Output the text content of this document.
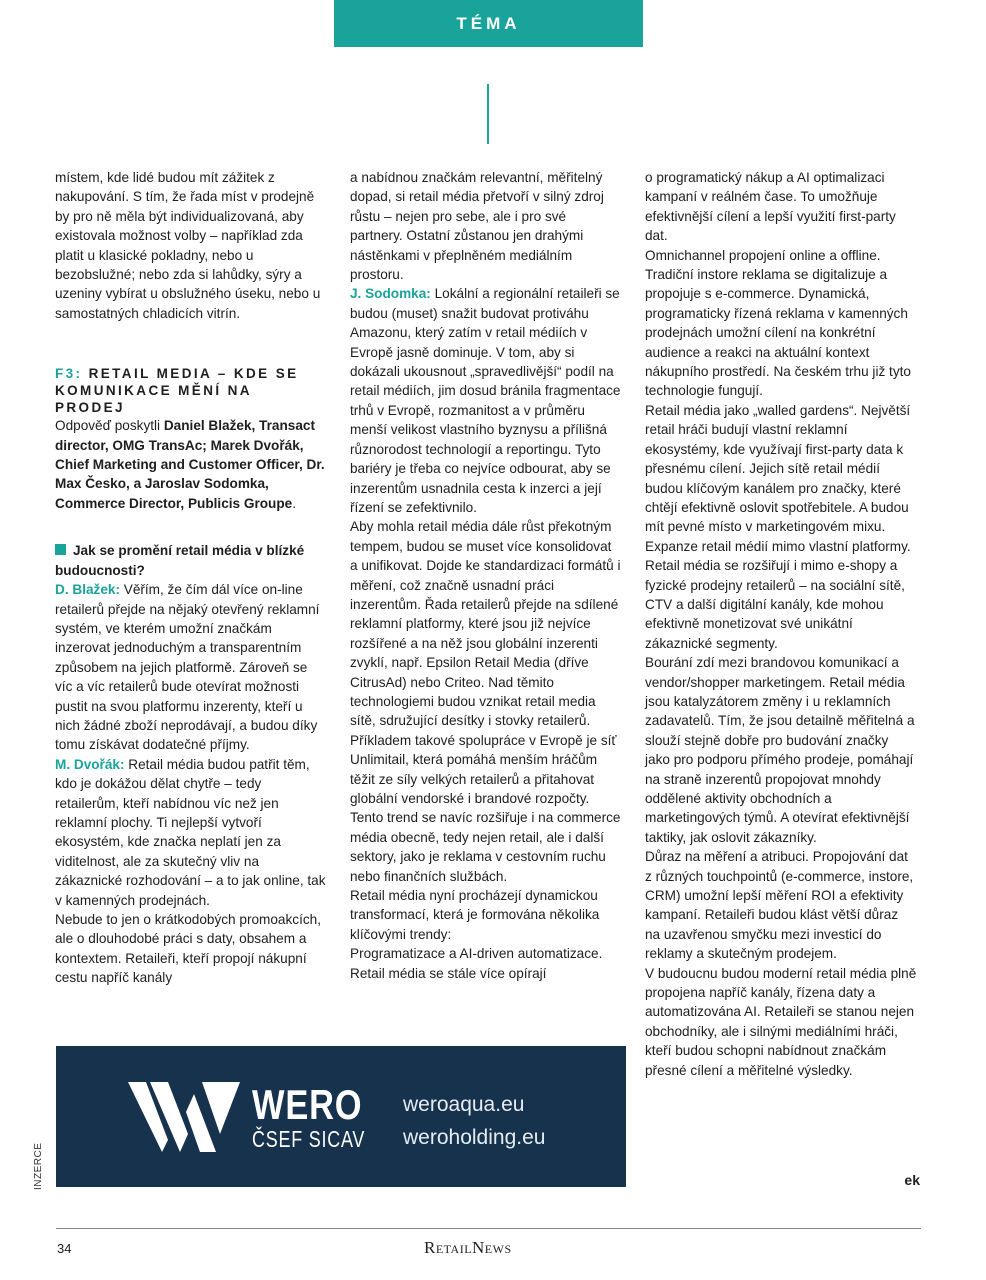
TÉMA

místem, kde lidé budou mít zážitek z nakupování. S tím, že řada míst v prodejně by pro ně měla být individualizovaná, aby existovala možnost volby – například zda platit u klasické pokladny, nebo u bezobslužné; nebo zda si lahůdky, sýry a uzeniny vybírat u obslužného úseku, nebo u samostatných chladicích vitrín.

F3: RETAIL MEDIA – KDE SE KOMUNIKACE MĚNÍ NA PRODEJ

Odpověď poskytli Daniel Blažek, Transact director, OMG TransAc; Marek Dvořák, Chief Marketing and Customer Officer, Dr. Max Česko, a Jaroslav Sodomka, Commerce Director, Publicis Groupe.

Jak se promění retail média v blízké budoucnosti?

D. Blažek: Věřím, že čím dál více on-line retailerů přejde na nějaký otevřený reklamní systém, ve kterém umožní značkám inzerovat jednoduchým a transparentním způsobem na jejich platformě. Zároveň se víc a víc retailerů bude otevírat možnosti pustit na svou platformu inzerenty, kteří u nich žádné zboží neprodávají, a budou díky tomu získávat dodatečné příjmy.

M. Dvořák: Retail média budou patřit těm, kdo je dokážou dělat chytře – tedy retailerům, kteří nabídnou víc než jen reklamní plochy. Ti nejlepší vytvoří ekosystém, kde značka neplatí jen za viditelnost, ale za skutečný vliv na zákaznické rozhodování – a to jak online, tak v kamenných prodejnách.

Nebude to jen o krátkodobých promoakcích, ale o dlouhodobé práci s daty, obsahem a kontextem. Retaileři, kteří propojí nákupní cestu napříč kanály

a nabídnou značkám relevantní, měřitelný dopad, si retail média přetvoří v silný zdroj růstu – nejen pro sebe, ale i pro své partnery. Ostatní zůstanou jen drahými nástěnkami v přeplněném mediálním prostoru.

J. Sodomka: Lokální a regionální retaileři se budou (muset) snažit budovat protiváhu Amazonu, který zatím v retail médiích v Evropě jasně dominuje. V tom, aby si dokázali ukousnout „spravedlivější“ podíl na retail médiích, jim dosud bránila fragmentace trhů v Evropě, rozmanitost a v průměru menší velikost vlastního byznysu a přílišná různorodost technologií a reportingu. Tyto bariéry je třeba co nejvíce odbourat, aby se inzerentům usnadnila cesta k inzerci a její řízení se zefektivnilo.

Aby mohla retail média dále růst překotným tempem, budou se muset více konsolidovat a unifikovat. Dojde ke standardizaci formátů i měření, což značně usnadní práci inzerentům. Řada retailerů přejde na sdílené reklamní platformy, které jsou již nejvíce rozšířené a na něž jsou globální inzerenti zvyklí, např. Epsilon Retail Media (dříve CitrusAd) nebo Criteo. Nad těmito technologiemi budou vznikat retail media sítě, sdružující desítky i stovky retailerů. Příkladem takové spolupráce v Evropě je síť Unlimitail, která pomáhá menším hráčům těžit ze síly velkých retailerů a přitahovat globální vendorské i brandové rozpočty. Tento trend se navíc rozšiřuje i na commerce média obecně, tedy nejen retail, ale i další sektory, jako je reklama v cestovním ruchu nebo finančních službách.

Retail média nyní procházejí dynamickou transformací, která je formována několika klíčovými trendy:

Programatizace a AI-driven automatizace. Retail média se stále více opírají

o programatický nákup a AI optimalizaci kampaní v reálném čase. To umožňuje efektivnější cílení a lepší využití first-party dat.

Omnichannel propojení online a offline. Tradiční instore reklama se digitalizuje a propojuje s e-commerce. Dynamická, programaticky řízená reklama v kamenných prodejnách umožní cílení na konkrétní audience a reakci na aktuální kontext nákupního prostředí. Na českém trhu již tyto technologie fungují.

Retail média jako „walled gardens“. Největší retail hráči budují vlastní reklamní ekosystémy, kde využívají first-party data k přesnému cílení. Jejich sítě retail médií budou klíčovým kanálem pro značky, které chtějí efektivně oslovit spotřebitele. A budou mít pevné místo v marketingovém mixu.

Expanze retail médií mimo vlastní platformy. Retail média se rozšiřují i mimo e-shopy a fyzické prodejny retailerů – na sociální sítě, CTV a další digitální kanály, kde mohou efektivně monetizovat své unikátní zákaznické segmenty.

Bourání zdí mezi brandovou komunikací a vendor/shopper marketingem. Retail média jsou katalyzátorem změny i u reklamních zadavatelů. Tím, že jsou detailně měřitelná a slouží stejně dobře pro budování značky jako pro podporu přímého prodeje, pomáhají na straně inzerentů propojovat mnohdy oddělené aktivity obchodních a marketingových týmů. A otevírat efektivnější taktiky, jak oslovit zákazníky.

Důraz na měření a atribuci. Propojování dat z různých touchpointů (e-commerce, instore, CRM) umožní lepší měření ROI a efektivity kampaní. Retaileři budou klást větší důraz na uzavřenou smyčku mezi investicí do reklamy a skutečným prodejem.

V budoucnu budou moderní retail média plně propojena napříč kanály, řízena daty a automatizována AI. Retaileři se stanou nejen obchodníky, ale i silnými mediálními hráči, kteří budou schopni nabídnout značkám přesné cílení a měřitelné výsledky.

ek
INZERCE
WERO
ČSEF SICAV
weroaqua.eu
weroholding.eu
34	RetailNews
